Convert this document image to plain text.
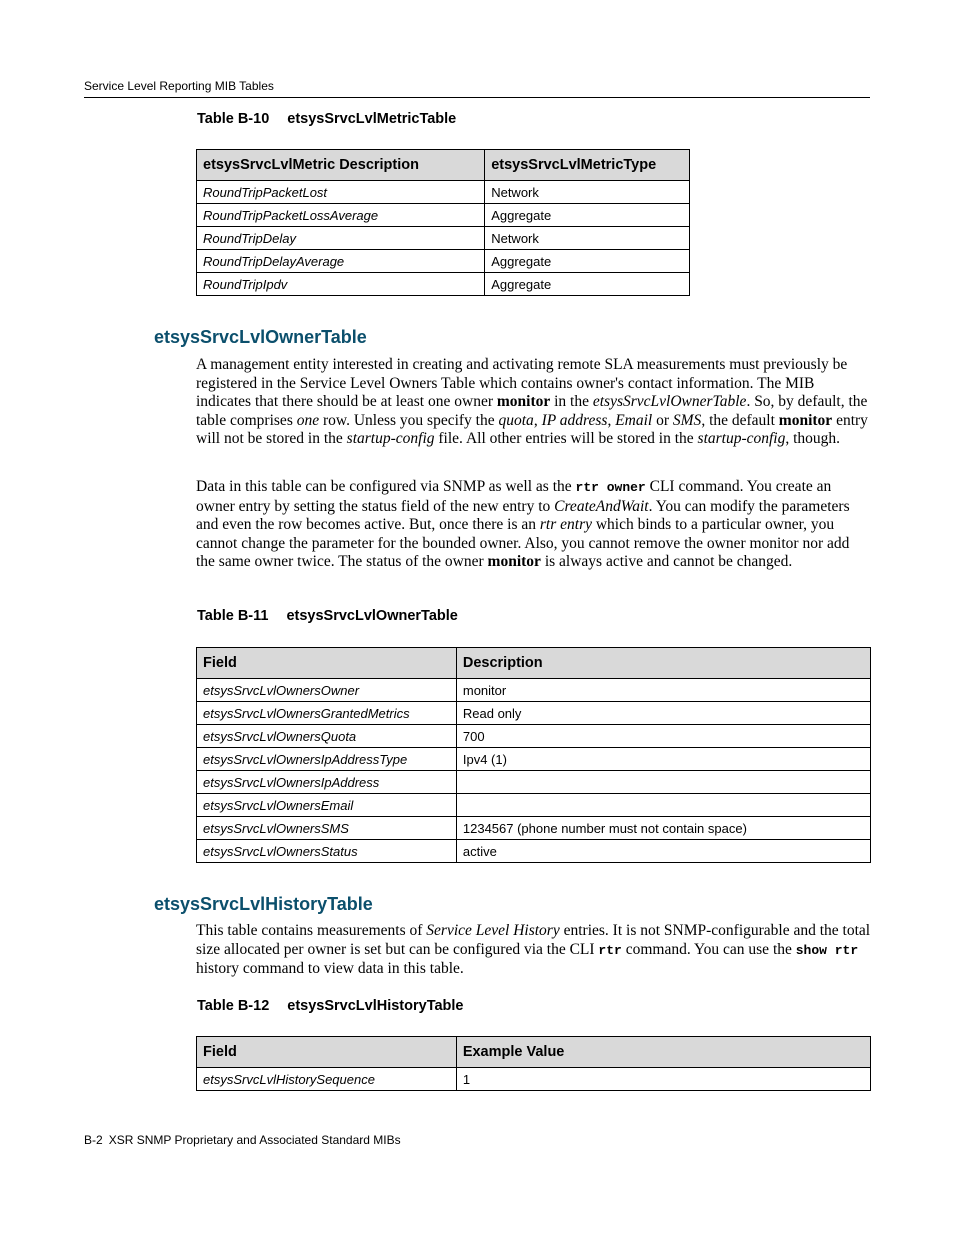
Service Level Reporting MIB Tables
Table B-10 etsysSrvcLvlMetricTable
etsysSrvcLvlMetric Description	etsysSrvcLvlMetricType
RoundTripPacketLost	Network
RoundTripPacketLossAverage	Aggregate
RoundTripDelay	Network
RoundTripDelayAverage	Aggregate
RoundTripIpdv	Aggregate
etsysSrvcLvlOwnerTable

A management entity interested in creating and activating remote SLA measurements must previously be registered in the Service Level Owners Table which contains owner's contact information. The MIB indicates that there should be at least one owner monitor in the etsysSrvcLvlOwnerTable. So, by default, the table comprises one row. Unless you specify the quota, IP address, Email or SMS, the default monitor entry will not be stored in the startup-config file. All other entries will be stored in the startup-config, though.

Data in this table can be configured via SNMP as well as the rtr owner CLI command. You create an owner entry by setting the status field of the new entry to CreateAndWait. You can modify the parameters and even the row becomes active. But, once there is an rtr entry which binds to a particular owner, you cannot change the parameter for the bounded owner. Also, you cannot remove the owner monitor nor add the same owner twice. The status of the owner monitor is always active and cannot be changed.

Table B-11 etsysSrvcLvlOwnerTable
Field	Description
etsysSrvcLvlOwnersOwner	monitor
etsysSrvcLvlOwnersGrantedMetrics	Read only
etsysSrvcLvlOwnersQuota	700
etsysSrvcLvlOwnersIpAddressType	Ipv4 (1)
etsysSrvcLvlOwnersIpAddress	
etsysSrvcLvlOwnersEmail	
etsysSrvcLvlOwnersSMS	1234567 (phone number must not contain space)
etsysSrvcLvlOwnersStatus	active
etsysSrvcLvlHistoryTable

This table contains measurements of Service Level History entries. It is not SNMP-configurable and the total size allocated per owner is set but can be configured via the CLI rtr command. You can use the show rtr history command to view data in this table.

Table B-12 etsysSrvcLvlHistoryTable
Field	Example Value
etsysSrvcLvlHistorySequence	1
B-2 XSR SNMP Proprietary and Associated Standard MIBs
